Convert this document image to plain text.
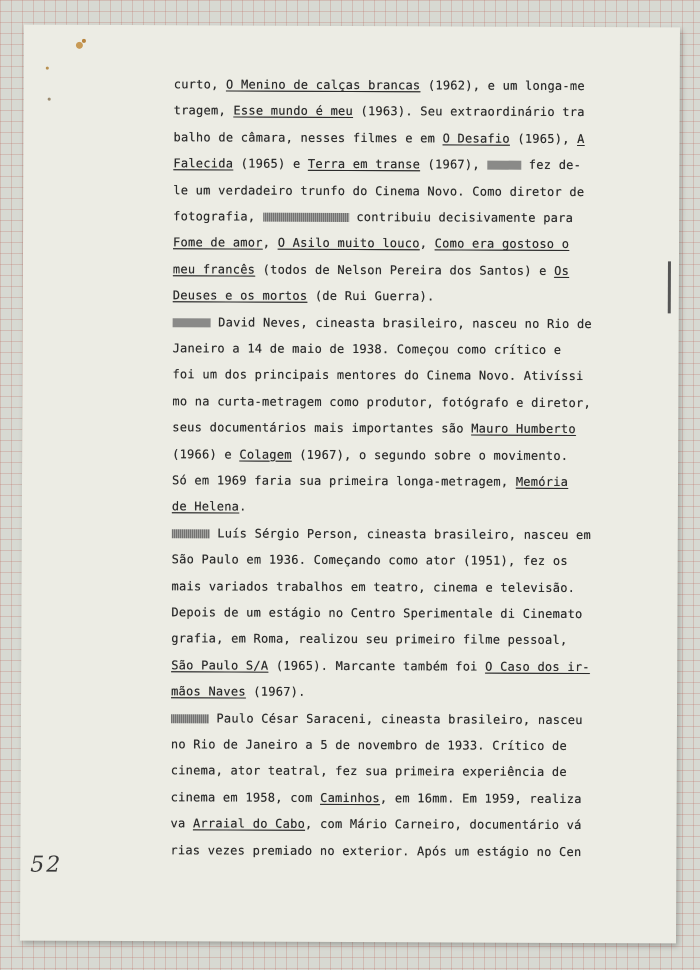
curto, O Menino de calças brancas (1962), e um longa-me
tragem, Esse mundo é meu (1963). Seu extraordinário tra
balho de câmara, nesses filmes e em O Desafio (1965), A
Falecida (1965) e Terra em transe (1967),	fez de-
le um verdadeiro trunfo do Cinema Novo. Como diretor de
fotografia,	contribuiu decisivamente para
Fome de amor, O Asilo muito louco, Como era gostoso o
meu francês (todos de Nelson Pereira dos Santos) e Os
Deuses e os mortos (de Rui Guerra).
David Neves, cineasta brasileiro, nasceu no Rio de
Janeiro a 14 de maio de 1938. Começou como crítico e
foi um dos principais mentores do Cinema Novo. Ativíssi
mo na curta-metragem como produtor, fotógrafo e diretor,
seus documentários mais importantes são Mauro Humberto
(1966) e Colagem (1967), o segundo sobre o movimento.
Só em 1969 faria sua primeira longa-metragem, Memória
de Helena.
Luís Sérgio Person, cineasta brasileiro, nasceu em
São Paulo em 1936. Começando como ator (1951), fez os
mais variados trabalhos em teatro, cinema e televisão.
Depois de um estágio no Centro Sperimentale di Cinemato
grafia, em Roma, realizou seu primeiro filme pessoal,
São Paulo S/A (1965). Marcante também foi O Caso dos ir-
mãos Naves (1967).
Paulo César Saraceni, cineasta brasileiro, nasceu
no Rio de Janeiro a 5 de novembro de 1933. Crítico de
cinema, ator teatral, fez sua primeira experiência de
cinema em 1958, com Caminhos, em 16mm. Em 1959, realiza
va Arraial do Cabo, com Mário Carneiro, documentário vá
rias vezes premiado no exterior. Após um estágio no Cen
52
